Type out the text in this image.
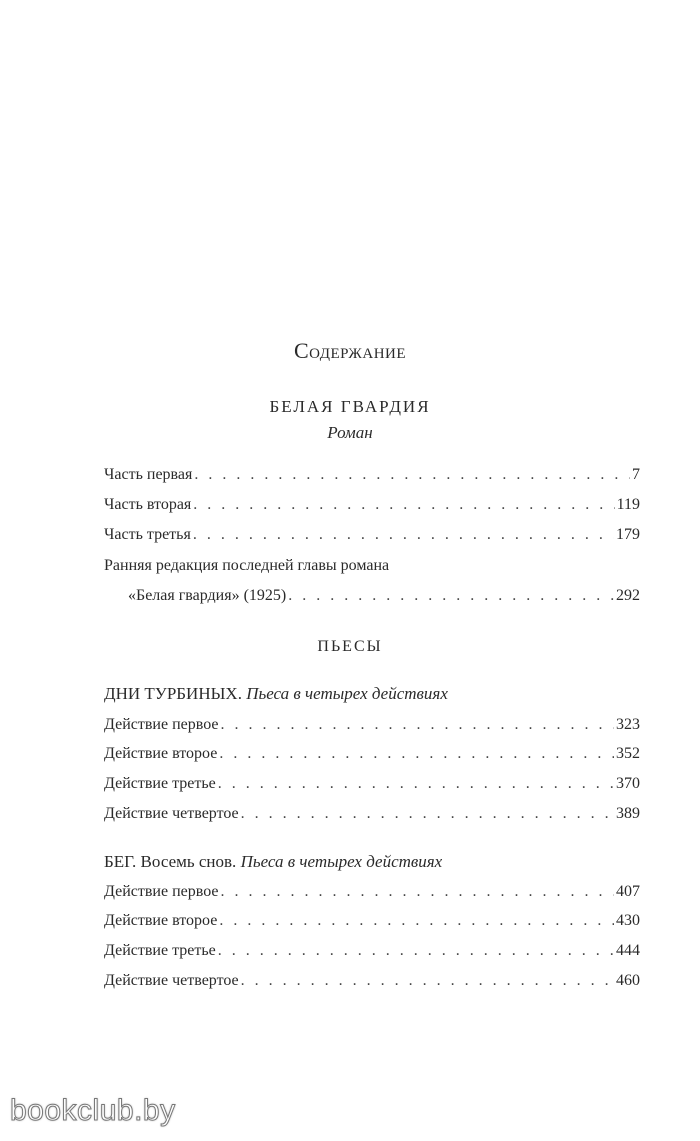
Содержание
БЕЛАЯ ГВАРДИЯ
Роман
Часть первая . . .	7
Часть вторая . . .	119
Часть третья . . .	179
Ранняя редакция последней главы романа
«Белая гвардия» (1925) . . .	292
ПЬЕСЫ
ДНИ ТУРБИНЫХ. Пьеса в четырех действиях
Действие первое . . .	323
Действие второе . . .	352
Действие третье . . .	370
Действие четвертое . . .	389
БЕГ. Восемь снов. Пьеса в четырех действиях
Действие первое . . .	407
Действие второе . . .	430
Действие третье . . .	444
Действие четвертое . . .	460
bookclub.by
